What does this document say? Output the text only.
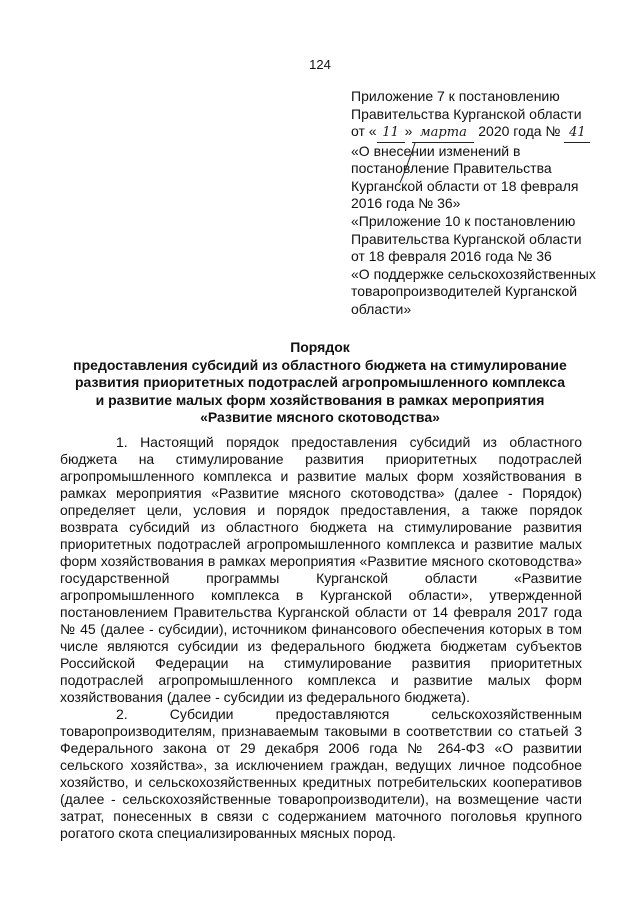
124
Приложение 7 к постановлению
Правительства Курганской области
от « 11 » марта 2020 года № 41
«О внесении изменений в
постановление Правительства
Курганской области от 18 февраля
2016 года № 36»
«Приложение 10 к постановлению
Правительства Курганской области
от 18 февраля 2016 года № 36
«О поддержке сельскохозяйственных
товаропроизводителей Курганской
области»
Порядок
предоставления субсидий из областного бюджета на стимулирование
развития приоритетных подотраслей агропромышленного комплекса
и развитие малых форм хозяйствования в рамках мероприятия
«Развитие мясного скотоводства»

1. Настоящий порядок предоставления субсидий из областного бюджета на стимулирование развития приоритетных подотраслей агропромышленного комплекса и развитие малых форм хозяйствования в рамках мероприятия «Развитие мясного скотоводства» (далее - Порядок) определяет цели, условия и порядок предоставления, а также порядок возврата субсидий из областного бюджета на стимулирование развития приоритетных подотраслей агропромышленного комплекса и развитие малых форм хозяйствования в рамках мероприятия «Развитие мясного скотоводства» государственной программы Курганской области «Развитие агропромышленного комплекса в Курганской области», утвержденной постановлением Правительства Курганской области от 14 февраля 2017 года № 45 (далее - субсидии), источником финансового обеспечения которых в том числе являются субсидии из федерального бюджета бюджетам субъектов Российской Федерации на стимулирование развития приоритетных подотраслей агропромышленного комплекса и развитие малых форм хозяйствования (далее - субсидии из федерального бюджета).

2. Субсидии предоставляются сельскохозяйственным товаропроизводителям, признаваемым таковыми в соответствии со статьей 3 Федерального закона от 29 декабря 2006 года № 264-ФЗ «О развитии сельского хозяйства», за исключением граждан, ведущих личное подсобное хозяйство, и сельскохозяйственных кредитных потребительских кооперативов (далее - сельскохозяйственные товаропроизводители), на возмещение части затрат, понесенных в связи с содержанием маточного поголовья крупного рогатого скота специализированных мясных пород.
